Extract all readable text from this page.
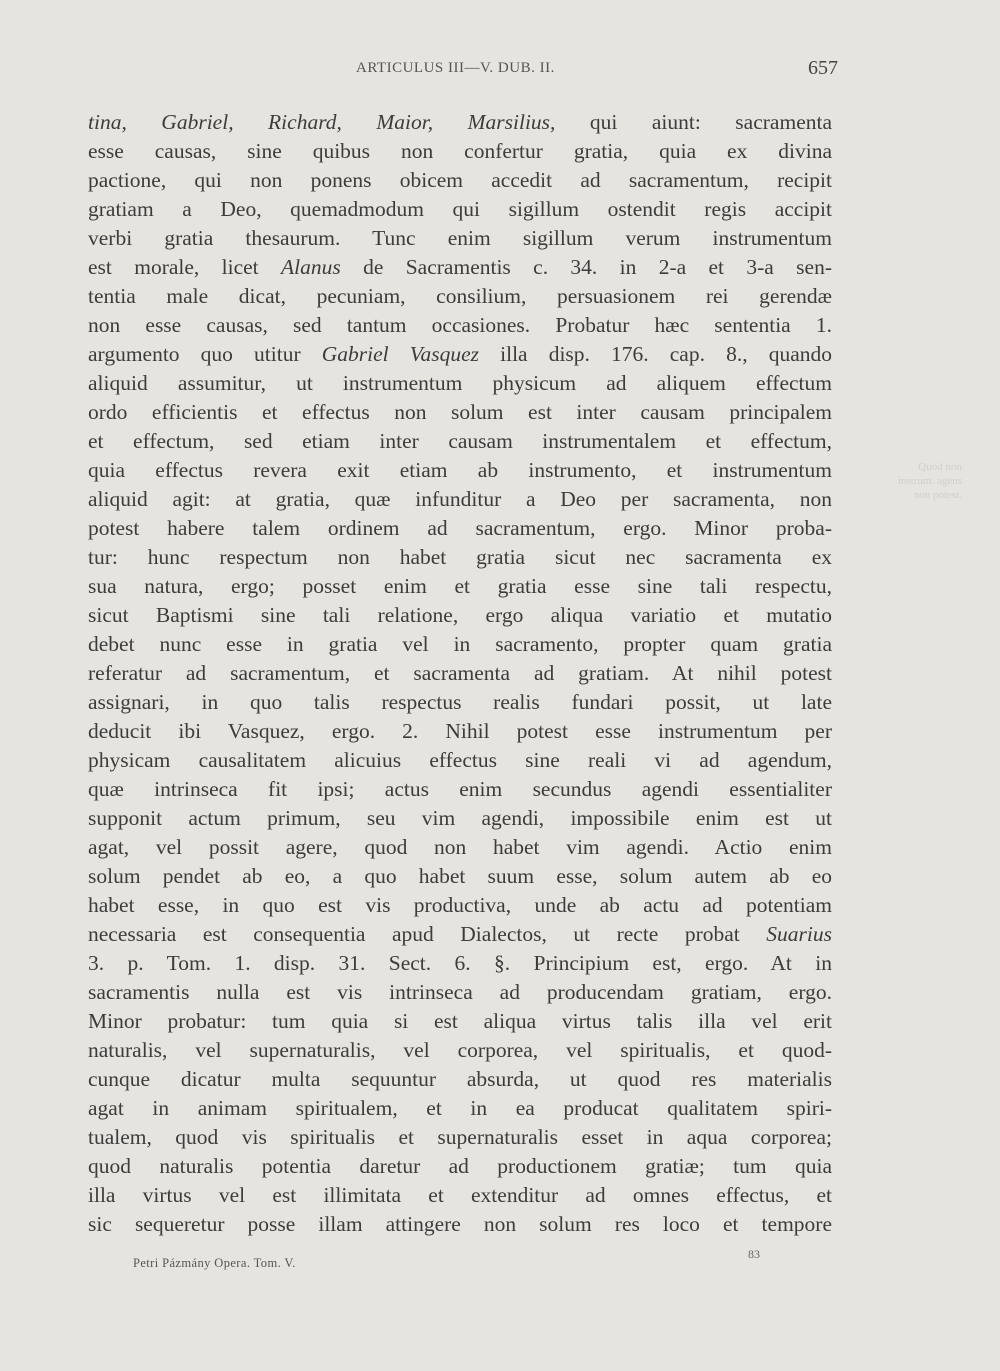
ARTICULUS III—V. DUB. II.	657
tina, Gabriel, Richard, Maior, Marsilius, qui aiunt: sacramenta
esse causas, sine quibus non confertur gratia, quia ex divina
pactione, qui non ponens obicem accedit ad sacramentum, recipit
gratiam a Deo, quemadmodum qui sigillum ostendit regis accipit
verbi gratia thesaurum. Tunc enim sigillum verum instrumentum
est morale, licet Alanus de Sacramentis c. 34. in 2-a et 3-a sen-
tentia male dicat, pecuniam, consilium, persuasionem rei gerendæ
non esse causas, sed tantum occasiones. Probatur hæc sententia 1.
argumento quo utitur Gabriel Vasquez illa disp. 176. cap. 8., quando
aliquid assumitur, ut instrumentum physicum ad aliquem effectum
ordo efficientis et effectus non solum est inter causam principalem
et effectum, sed etiam inter causam instrumentalem et effectum,
quia effectus revera exit etiam ab instrumento, et instrumentum
aliquid agit: at gratia, quæ infunditur a Deo per sacramenta, non
potest habere talem ordinem ad sacramentum, ergo. Minor proba-
tur: hunc respectum non habet gratia sicut nec sacramenta ex
sua natura, ergo; posset enim et gratia esse sine tali respectu,
sicut Baptismi sine tali relatione, ergo aliqua variatio et mutatio
debet nunc esse in gratia vel in sacramento, propter quam gratia
referatur ad sacramentum, et sacramenta ad gratiam. At nihil potest
assignari, in quo talis respectus realis fundari possit, ut late
deducit ibi Vasquez, ergo. 2. Nihil potest esse instrumentum per
physicam causalitatem alicuius effectus sine reali vi ad agendum,
quæ intrinseca fit ipsi; actus enim secundus agendi essentialiter
supponit actum primum, seu vim agendi, impossibile enim est ut
agat, vel possit agere, quod non habet vim agendi. Actio enim
solum pendet ab eo, a quo habet suum esse, solum autem ab eo
habet esse, in quo est vis productiva, unde ab actu ad potentiam
necessaria est consequentia apud Dialectos, ut recte probat Suarius
3. p. Tom. 1. disp. 31. Sect. 6. §. Principium est, ergo. At in
sacramentis nulla est vis intrinseca ad producendam gratiam, ergo.
Minor probatur: tum quia si est aliqua virtus talis illa vel erit
naturalis, vel supernaturalis, vel corporea, vel spiritualis, et quod-
cunque dicatur multa sequuntur absurda, ut quod res materialis
agat in animam spiritualem, et in ea producat qualitatem spiri-
tualem, quod vis spiritualis et supernaturalis esset in aqua corporea;
quod naturalis potentia daretur ad productionem gratiæ; tum quia
illa virtus vel est illimitata et extenditur ad omnes effectus, et
sic sequeretur posse illam attingere non solum res loco et tempore
Quod non
instrum. agens
non potest.
Petri Pázmány Opera. Tom. V.
83
